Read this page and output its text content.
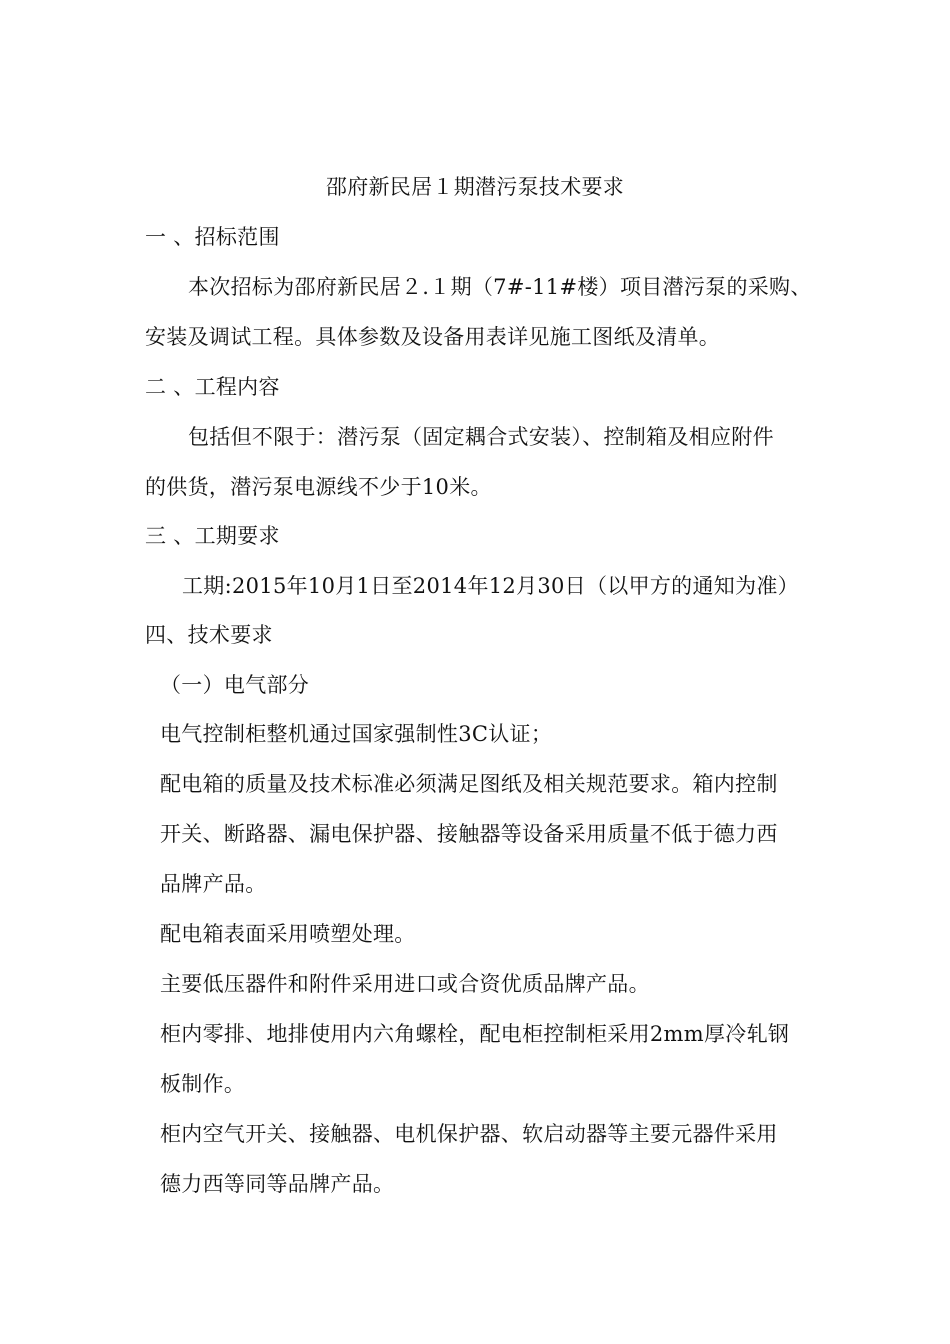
邵府新民居１期潜污泵技术要求
一 、招标范围
本次招标为邵府新民居２.１期（7#-11#楼）项目潜污泵的采购、
安装及调试工程。具体参数及设备用表详见施工图纸及清单。
二 、工程内容
包括但不限于：潜污泵（固定耦合式安装）、控制箱及相应附件
的供货，潜污泵电源线不少于10米。
三 、工期要求
工期:2015年10月1日至2014年12月30日（以甲方的通知为准）
四、技术要求
（一）电气部分
电气控制柜整机通过国家强制性3C认证；
配电箱的质量及技术标准必须满足图纸及相关规范要求。箱内控制
开关、断路器、漏电保护器、接触器等设备采用质量不低于德力西
品牌产品。
配电箱表面采用喷塑处理。
主要低压器件和附件采用进口或合资优质品牌产品。
柜内零排、地排使用内六角螺栓，配电柜控制柜采用2mm厚冷轧钢
板制作。
柜内空气开关、接触器、电机保护器、软启动器等主要元器件采用
德力西等同等品牌产品。
